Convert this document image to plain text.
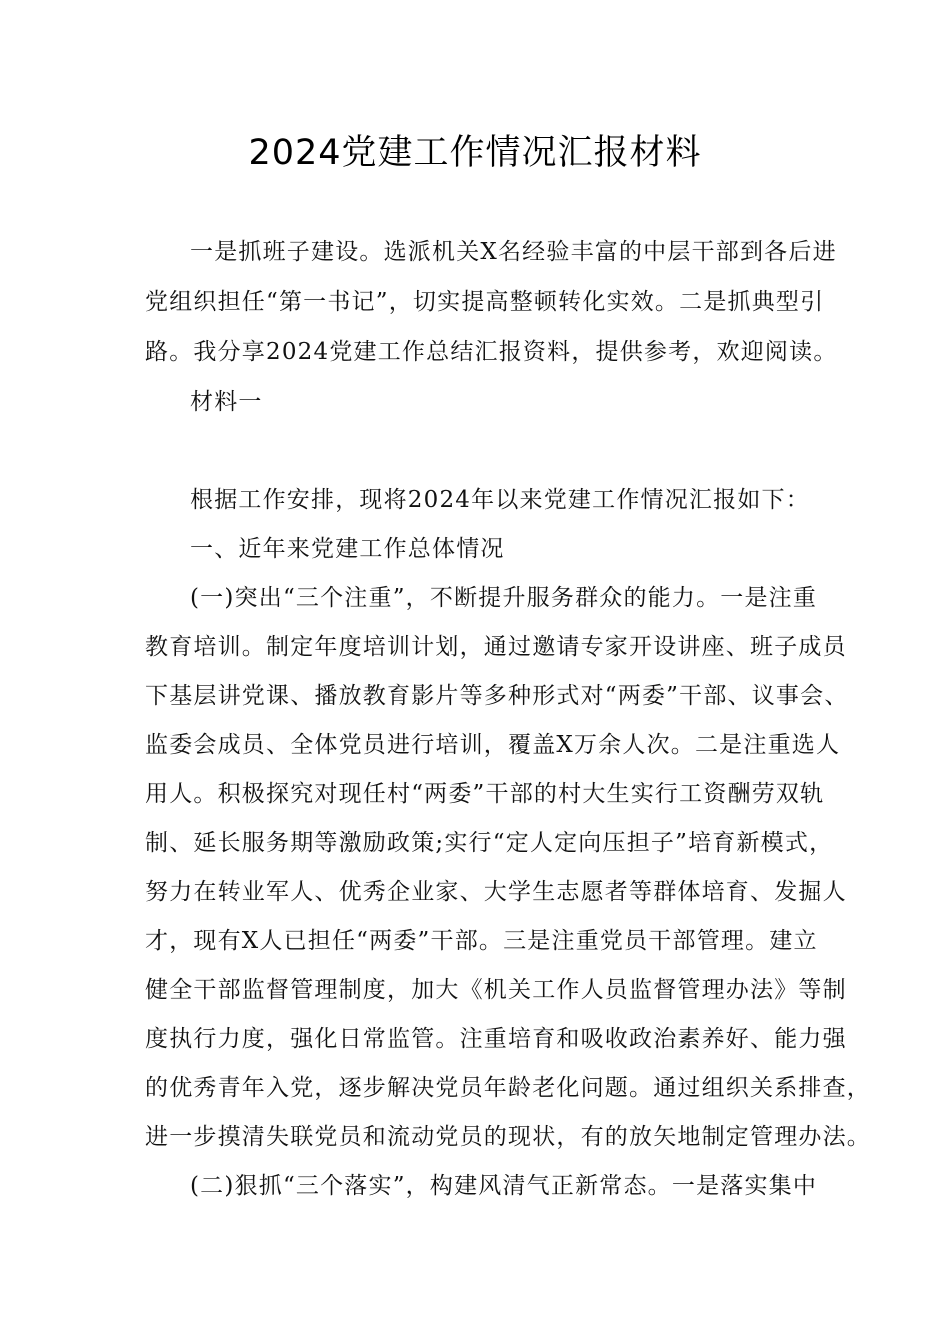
2024党建工作情况汇报材料
一是抓班子建设。选派机关X名经验丰富的中层干部到各后进
党组织担任“第一书记”，切实提高整顿转化实效。二是抓典型引
路。我分享2024党建工作总结汇报资料，提供参考，欢迎阅读。
材料一
根据工作安排，现将2024年以来党建工作情况汇报如下：
一、近年来党建工作总体情况
(一)突出“三个注重”，不断提升服务群众的能力。一是注重
教育培训。制定年度培训计划，通过邀请专家开设讲座、班子成员
下基层讲党课、播放教育影片等多种形式对“两委”干部、议事会、
监委会成员、全体党员进行培训，覆盖X万余人次。二是注重选人
用人。积极探究对现任村“两委”干部的村大生实行工资酬劳双轨
制、延长服务期等激励政策;实行“定人定向压担子”培育新模式，
努力在转业军人、优秀企业家、大学生志愿者等群体培育、发掘人
才，现有X人已担任“两委”干部。三是注重党员干部管理。建立
健全干部监督管理制度，加大《机关工作人员监督管理办法》等制
度执行力度，强化日常监管。注重培育和吸收政治素养好、能力强
的优秀青年入党，逐步解决党员年龄老化问题。通过组织关系排查，
进一步摸清失联党员和流动党员的现状，有的放矢地制定管理办法。
(二)狠抓“三个落实”，构建风清气正新常态。一是落实集中
